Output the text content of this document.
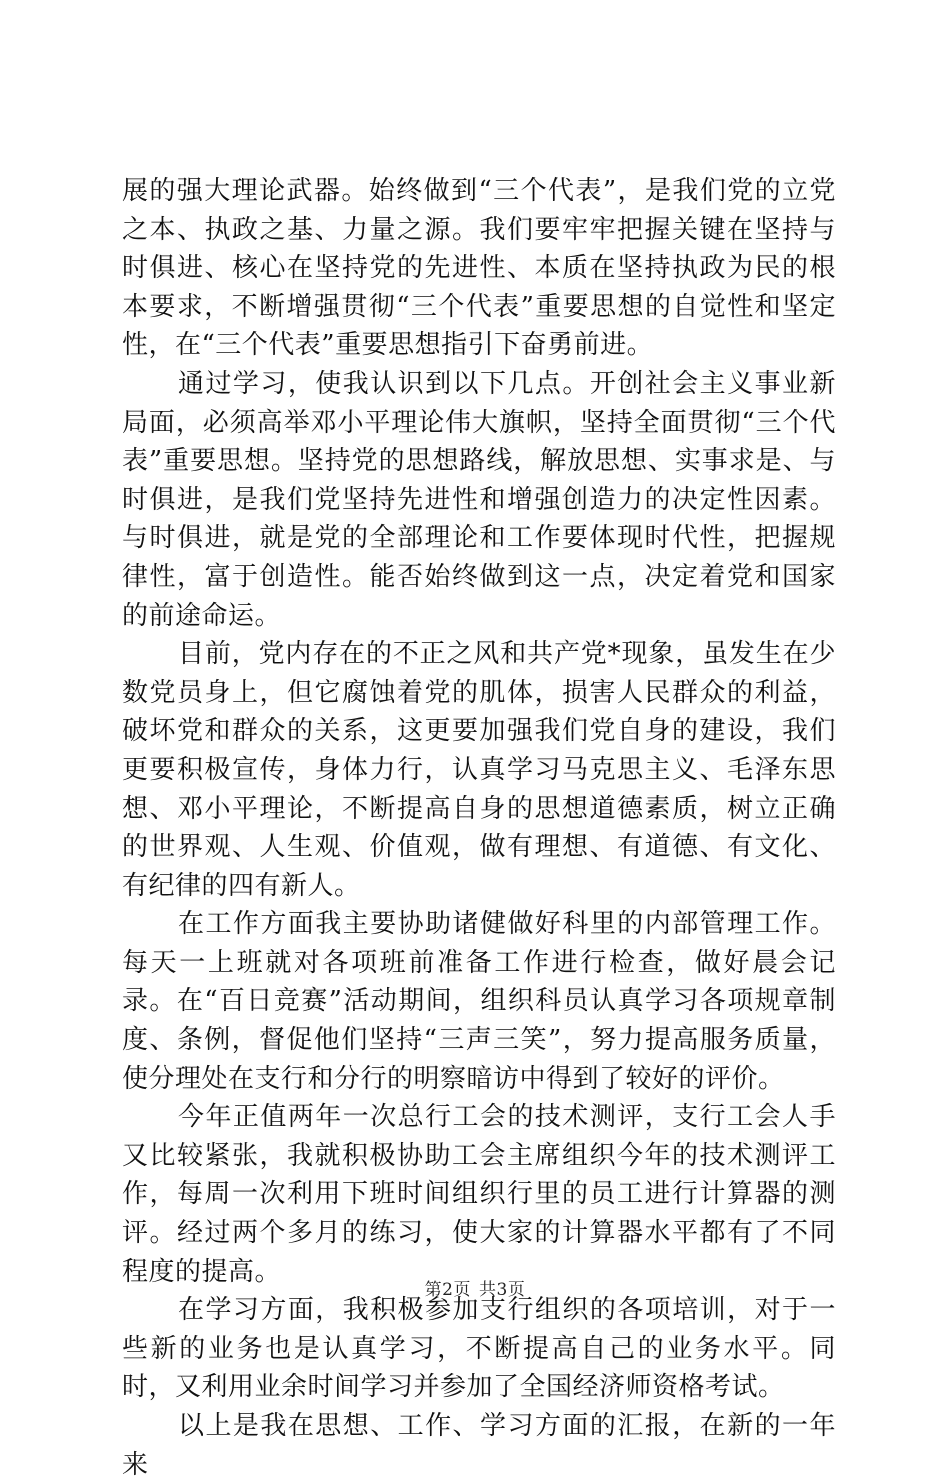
展的强大理论武器。始终做到“三个代表”，是我们党的立党之本、执政之基、力量之源。我们要牢牢把握关键在坚持与时俱进、核心在坚持党的先进性、本质在坚持执政为民的根本要求，不断增强贯彻“三个代表”重要思想的自觉性和坚定性，在“三个代表”重要思想指引下奋勇前进。

通过学习，使我认识到以下几点。开创社会主义事业新局面，必须高举邓小平理论伟大旗帜，坚持全面贯彻“三个代表”重要思想。坚持党的思想路线，解放思想、实事求是、与时俱进，是我们党坚持先进性和增强创造力的决定性因素。与时俱进，就是党的全部理论和工作要体现时代性，把握规律性，富于创造性。能否始终做到这一点，决定着党和国家的前途命运。

目前，党内存在的不正之风和共产党*现象，虽发生在少数党员身上，但它腐蚀着党的肌体，损害人民群众的利益，破坏党和群众的关系，这更要加强我们党自身的建设，我们更要积极宣传，身体力行，认真学习马克思主义、毛泽东思想、邓小平理论，不断提高自身的思想道德素质，树立正确的世界观、人生观、价值观，做有理想、有道德、有文化、有纪律的四有新人。

在工作方面我主要协助诸健做好科里的内部管理工作。每天一上班就对各项班前准备工作进行检查，做好晨会记录。在“百日竞赛”活动期间，组织科员认真学习各项规章制度、条例，督促他们坚持“三声三笑”，努力提高服务质量，使分理处在支行和分行的明察暗访中得到了较好的评价。

今年正值两年一次总行工会的技术测评，支行工会人手又比较紧张，我就积极协助工会主席组织今年的技术测评工作，每周一次利用下班时间组织行里的员工进行计算器的测评。经过两个多月的练习，使大家的计算器水平都有了不同程度的提高。

在学习方面，我积极参加支行组织的各项培训，对于一些新的业务也是认真学习，不断提高自己的业务水平。同时，又利用业余时间学习并参加了全国经济师资格考试。

以上是我在思想、工作、学习方面的汇报，在新的一年来

第2页 共3页
